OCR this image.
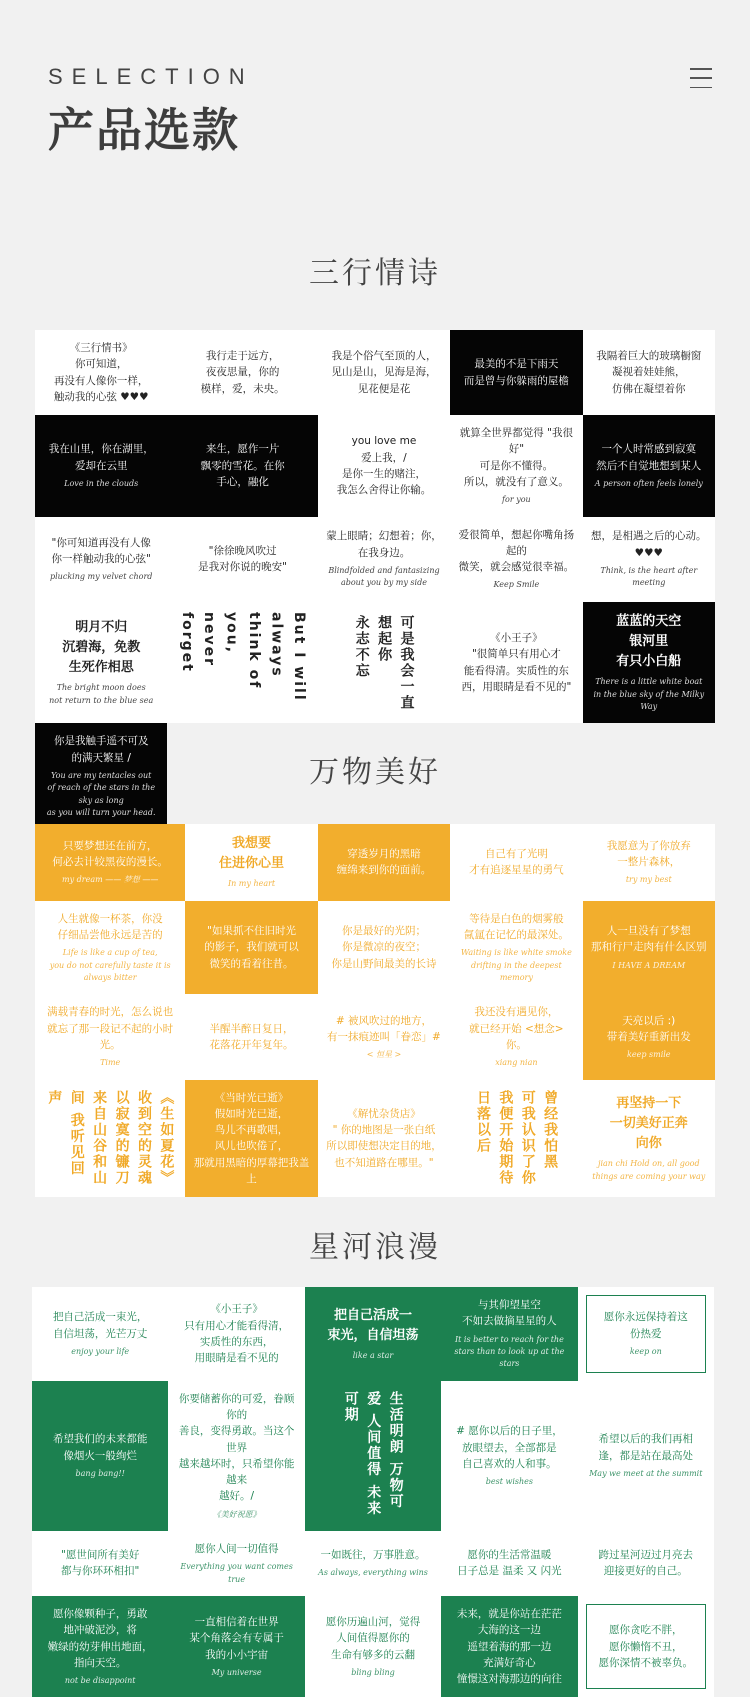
SELECTION
产品选款
三行情诗
《三行情书》
你可知道，
再没有人像你一样，
触动我的心弦 ♥♥♥
我行走于远方，
夜夜思量，你的
模样，爱，未央。
我是个俗气至顶的人，
见山是山，见海是海，
见花便是花
最美的不是下雨天
而是曾与你躲雨的屋檐
我隔着巨大的玻璃橱窗
凝视着娃娃熊，
仿佛在凝望着你
我在山里，你在湖里，
爱却在云里
Love in the clouds
来生，愿作一片
飘零的雪花。在你
手心，融化
you love me
爱上我，/
是你一生的赌注，
我怎么舍得让你输。
就算全世界都觉得 "我很好"
可是你不懂得。
所以，就没有了意义。
for you
一个人时常感到寂寞
然后不自觉地想到某人
A person often feels lonely
"你可知道再没有人像
你一样触动我的心弦"
plucking my velvet chord
"徐徐晚风吹过
是我对你说的晚安"
蒙上眼睛；幻想着；你，
在我身边。
Blindfolded and fantasizing about you by my side
爱很简单，想起你嘴角扬起的
微笑，就会感觉很幸福。
Keep Smile
想，是相遇之后的心动。
♥♥♥
Think, is the heart after meeting
明月不归
沉碧海，免教
生死作相思
The bright moon does
not return to the blue sea	But I will always think of you, never forget	可是我会一直
想起你
永志不忘	《小王子》
"很简单只有用心才
能看得清。实质性的东
西，用眼睛是看不见的"
蓝蓝的天空
银河里
有只小白船
There is a little white boat
in the blue sky of the Milky Way
你是我触手遥不可及
的满天繁星 /
You are my tentacles out
of reach of the stars in the sky as long
as you will turn your head.
万物美好
只要梦想还在前方，
何必去计较黑夜的漫长。
my dream —— 梦想 ——
我想要
住进你心里
In my heart
穿透岁月的黑暗
缠绵来到你的面前。
自己有了光明
才有追逐星星的勇气
我愿意为了你放弃
一整片森林，
try my best
人生就像一杯茶，你没
仔细品尝他永远是苦的
Life is like a cup of tea,
you do not carefully taste it is always bitter
"如果抓不住旧时光
的影子，我们就可以
微笑的看着往昔。
你是最好的光阴；
你是微凉的夜空；
你是山野间最美的长诗
等待是白色的烟雾般
氤氲在记忆的最深处。
Waiting is like white smoke drifting in the deepest memory
人一旦没有了梦想
那和行尸走肉有什么区别
I HAVE A DREAM
满载青春的时光，怎么说也
就忘了那一段记不起的小时光。
Time
半醒半醉日复日，
花落花开年复年。
# 被风吹过的地方，
有一抹痕迹叫「眷恋」#
< 恒星 >
我还没有遇见你，
就已经开始 <想念> 你。
xiang nian
天亮以后 :)
带着美好重新出发
keep smile
《生如夏花》收到空的灵魂 以寂寞的镰刀 来自山谷和山间 我听见回声	《当时光已逝》
假如时光已逝，
鸟儿不再歌唱，
风儿也吹倦了，
那就用黑暗的厚幕把我盖上
《解忧杂货店》
" 你的地图是一张白纸
所以即使想决定目的地，
也不知道路在哪里。"	曾经我怕黑 可我认识了你 我便开始期待 日落以后	再坚持一下
一切美好正奔
向你
jian chi Hold on, all good things are coming your way
星河浪漫
把自己活成一束光，
自信坦荡，光芒万丈
enjoy your life
《小王子》
只有用心才能看得清，
实质性的东西，
用眼睛是看不见的
把自己活成一
束光，自信坦荡
like a star
与其仰望星空
不如去做摘星星的人
It is better to reach for the stars than to look up at the stars
愿你永远保持着这
份热爱
keep on
希望我们的未来都能
像烟火一般绚烂
bang bang!!
你要储蓄你的可爱，眷顾你的
善良，变得勇敢。当这个世界
越来越坏时，只希望你能越来
越好。/
《美好祝愿》
生活明朗 万物可爱 人间值得 未来可期
# 愿你以后的日子里，
放眼望去，全部都是
自己喜欢的人和事。
best wishes
希望以后的我们再相
逢，都是站在最高处
May we meet at the summit
"愿世间所有美好
都与你环环相扣"
愿你人间一切值得
Everything you want comes true
一如既往，万事胜意。
As always, everything wins
愿你的生活常温暖
日子总是 温柔 又 闪光
跨过星河迈过月亮去
迎接更好的自己。
愿你像颗种子，勇敢
地冲破泥沙，将
嫩绿的幼芽伸出地面，
指向天空。
not be disappoint
一直相信着在世界
某个角落会有专属于
我的小小宇宙
My universe
愿你历遍山河，觉得
人间值得愿你的
生命有够多的云翻
bling bling
未来，就是你站在茫茫
大海的这一边
遥望着海的那一边
充满好奇心
憧憬这对海那边的向往
愿你贪吃不胖，
愿你懒惰不丑，
愿你深情不被辜负。
